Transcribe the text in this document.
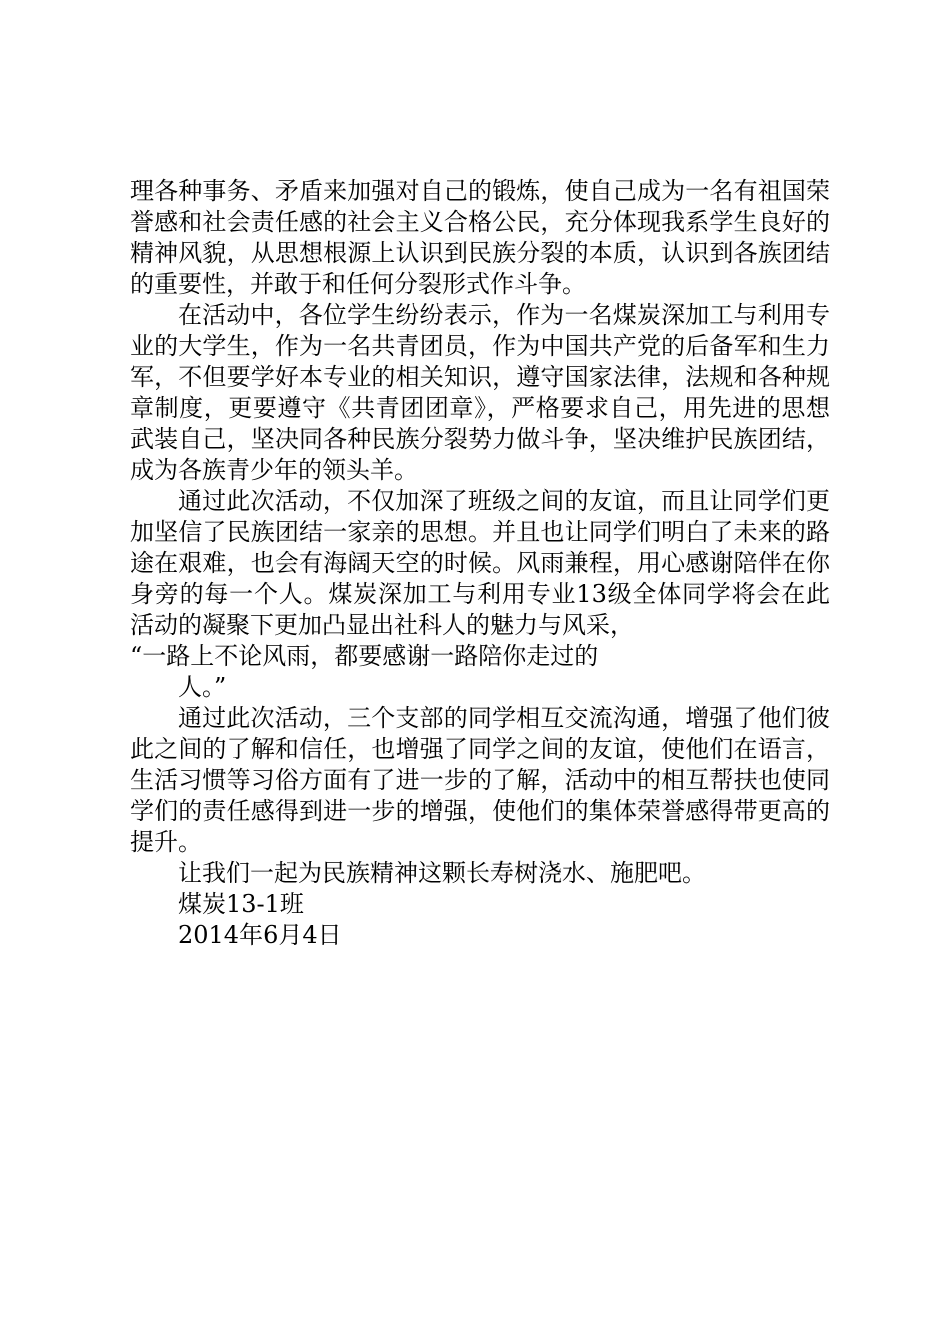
理各种事务、矛盾来加强对自己的锻炼，使自己成为一名有祖国荣誉感和社会责任感的社会主义合格公民，充分体现我系学生良好的精神风貌，从思想根源上认识到民族分裂的本质，认识到各族团结的重要性，并敢于和任何分裂形式作斗争。

在活动中，各位学生纷纷表示，作为一名煤炭深加工与利用专业的大学生，作为一名共青团员，作为中国共产党的后备军和生力军，不但要学好本专业的相关知识，遵守国家法律，法规和各种规章制度，更要遵守《共青团团章》，严格要求自己，用先进的思想武装自己，坚决同各种民族分裂势力做斗争，坚决维护民族团结，成为各族青少年的领头羊。

通过此次活动，不仅加深了班级之间的友谊，而且让同学们更加坚信了民族团结一家亲的思想。并且也让同学们明白了未来的路途在艰难，也会有海阔天空的时候。风雨兼程，用心感谢陪伴在你身旁的每一个人。煤炭深加工与利用专业13级全体同学将会在此活动的凝聚下更加凸显出社科人的魅力与风采，

“一路上不论风雨，都要感谢一路陪你走过的

人。”

通过此次活动，三个支部的同学相互交流沟通，增强了他们彼此之间的了解和信任，也增强了同学之间的友谊，使他们在语言，生活习惯等习俗方面有了进一步的了解，活动中的相互帮扶也使同学们的责任感得到进一步的增强，使他们的集体荣誉感得带更高的提升。

让我们一起为民族精神这颗长寿树浇水、施肥吧。

煤炭13-1班

2014年6月4日
